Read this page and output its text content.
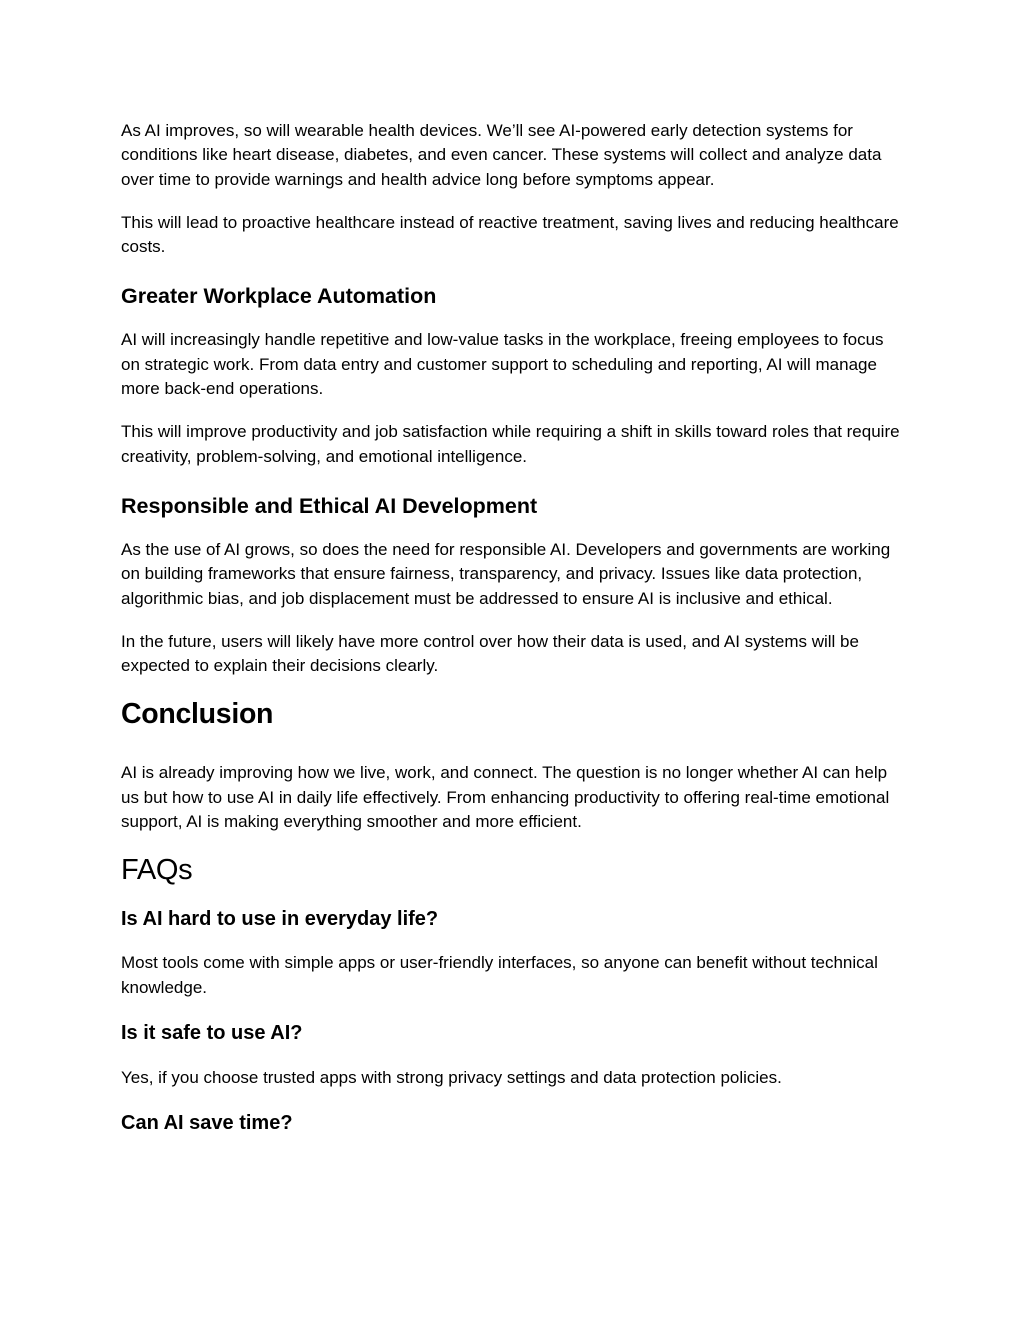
As AI improves, so will wearable health devices. We’ll see AI-powered early detection systems for conditions like heart disease, diabetes, and even cancer. These systems will collect and analyze data over time to provide warnings and health advice long before symptoms appear.

This will lead to proactive healthcare instead of reactive treatment, saving lives and reducing healthcare costs.

Greater Workplace Automation

AI will increasingly handle repetitive and low-value tasks in the workplace, freeing employees to focus on strategic work. From data entry and customer support to scheduling and reporting, AI will manage more back-end operations.

This will improve productivity and job satisfaction while requiring a shift in skills toward roles that require creativity, problem-solving, and emotional intelligence.

Responsible and Ethical AI Development

As the use of AI grows, so does the need for responsible AI. Developers and governments are working on building frameworks that ensure fairness, transparency, and privacy. Issues like data protection, algorithmic bias, and job displacement must be addressed to ensure AI is inclusive and ethical.

In the future, users will likely have more control over how their data is used, and AI systems will be expected to explain their decisions clearly.

Conclusion

AI is already improving how we live, work, and connect. The question is no longer whether AI can help us but how to use AI in daily life effectively. From enhancing productivity to offering real-time emotional support, AI is making everything smoother and more efficient.

FAQs
Is AI hard to use in everyday life?

Most tools come with simple apps or user-friendly interfaces, so anyone can benefit without technical knowledge.

Is it safe to use AI?

Yes, if you choose trusted apps with strong privacy settings and data protection policies.

Can AI save time?
